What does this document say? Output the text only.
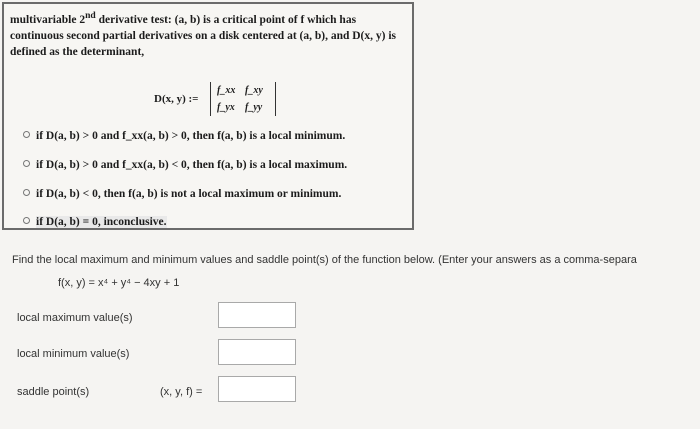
multivariable 2nd derivative test: (a, b) is a critical point of f which has continuous second partial derivatives on a disk centered at (a, b), and D(x, y) is defined as the determinant,
D(x, y) :=
f_xx f_xy
f_yx f_yy
if D(a, b) > 0 and f_xx(a, b) > 0, then f(a, b) is a local minimum.
if D(a, b) > 0 and f_xx(a, b) < 0, then f(a, b) is a local maximum.
if D(a, b) < 0, then f(a, b) is not a local maximum or minimum.
if D(a, b) = 0, inconclusive.
Find the local maximum and minimum values and saddle point(s) of the function below. (Enter your answers as a comma-separa
f(x, y) = x⁴ + y⁴ − 4xy + 1
local maximum value(s)
local minimum value(s)
saddle point(s)	(x, y, f) =
